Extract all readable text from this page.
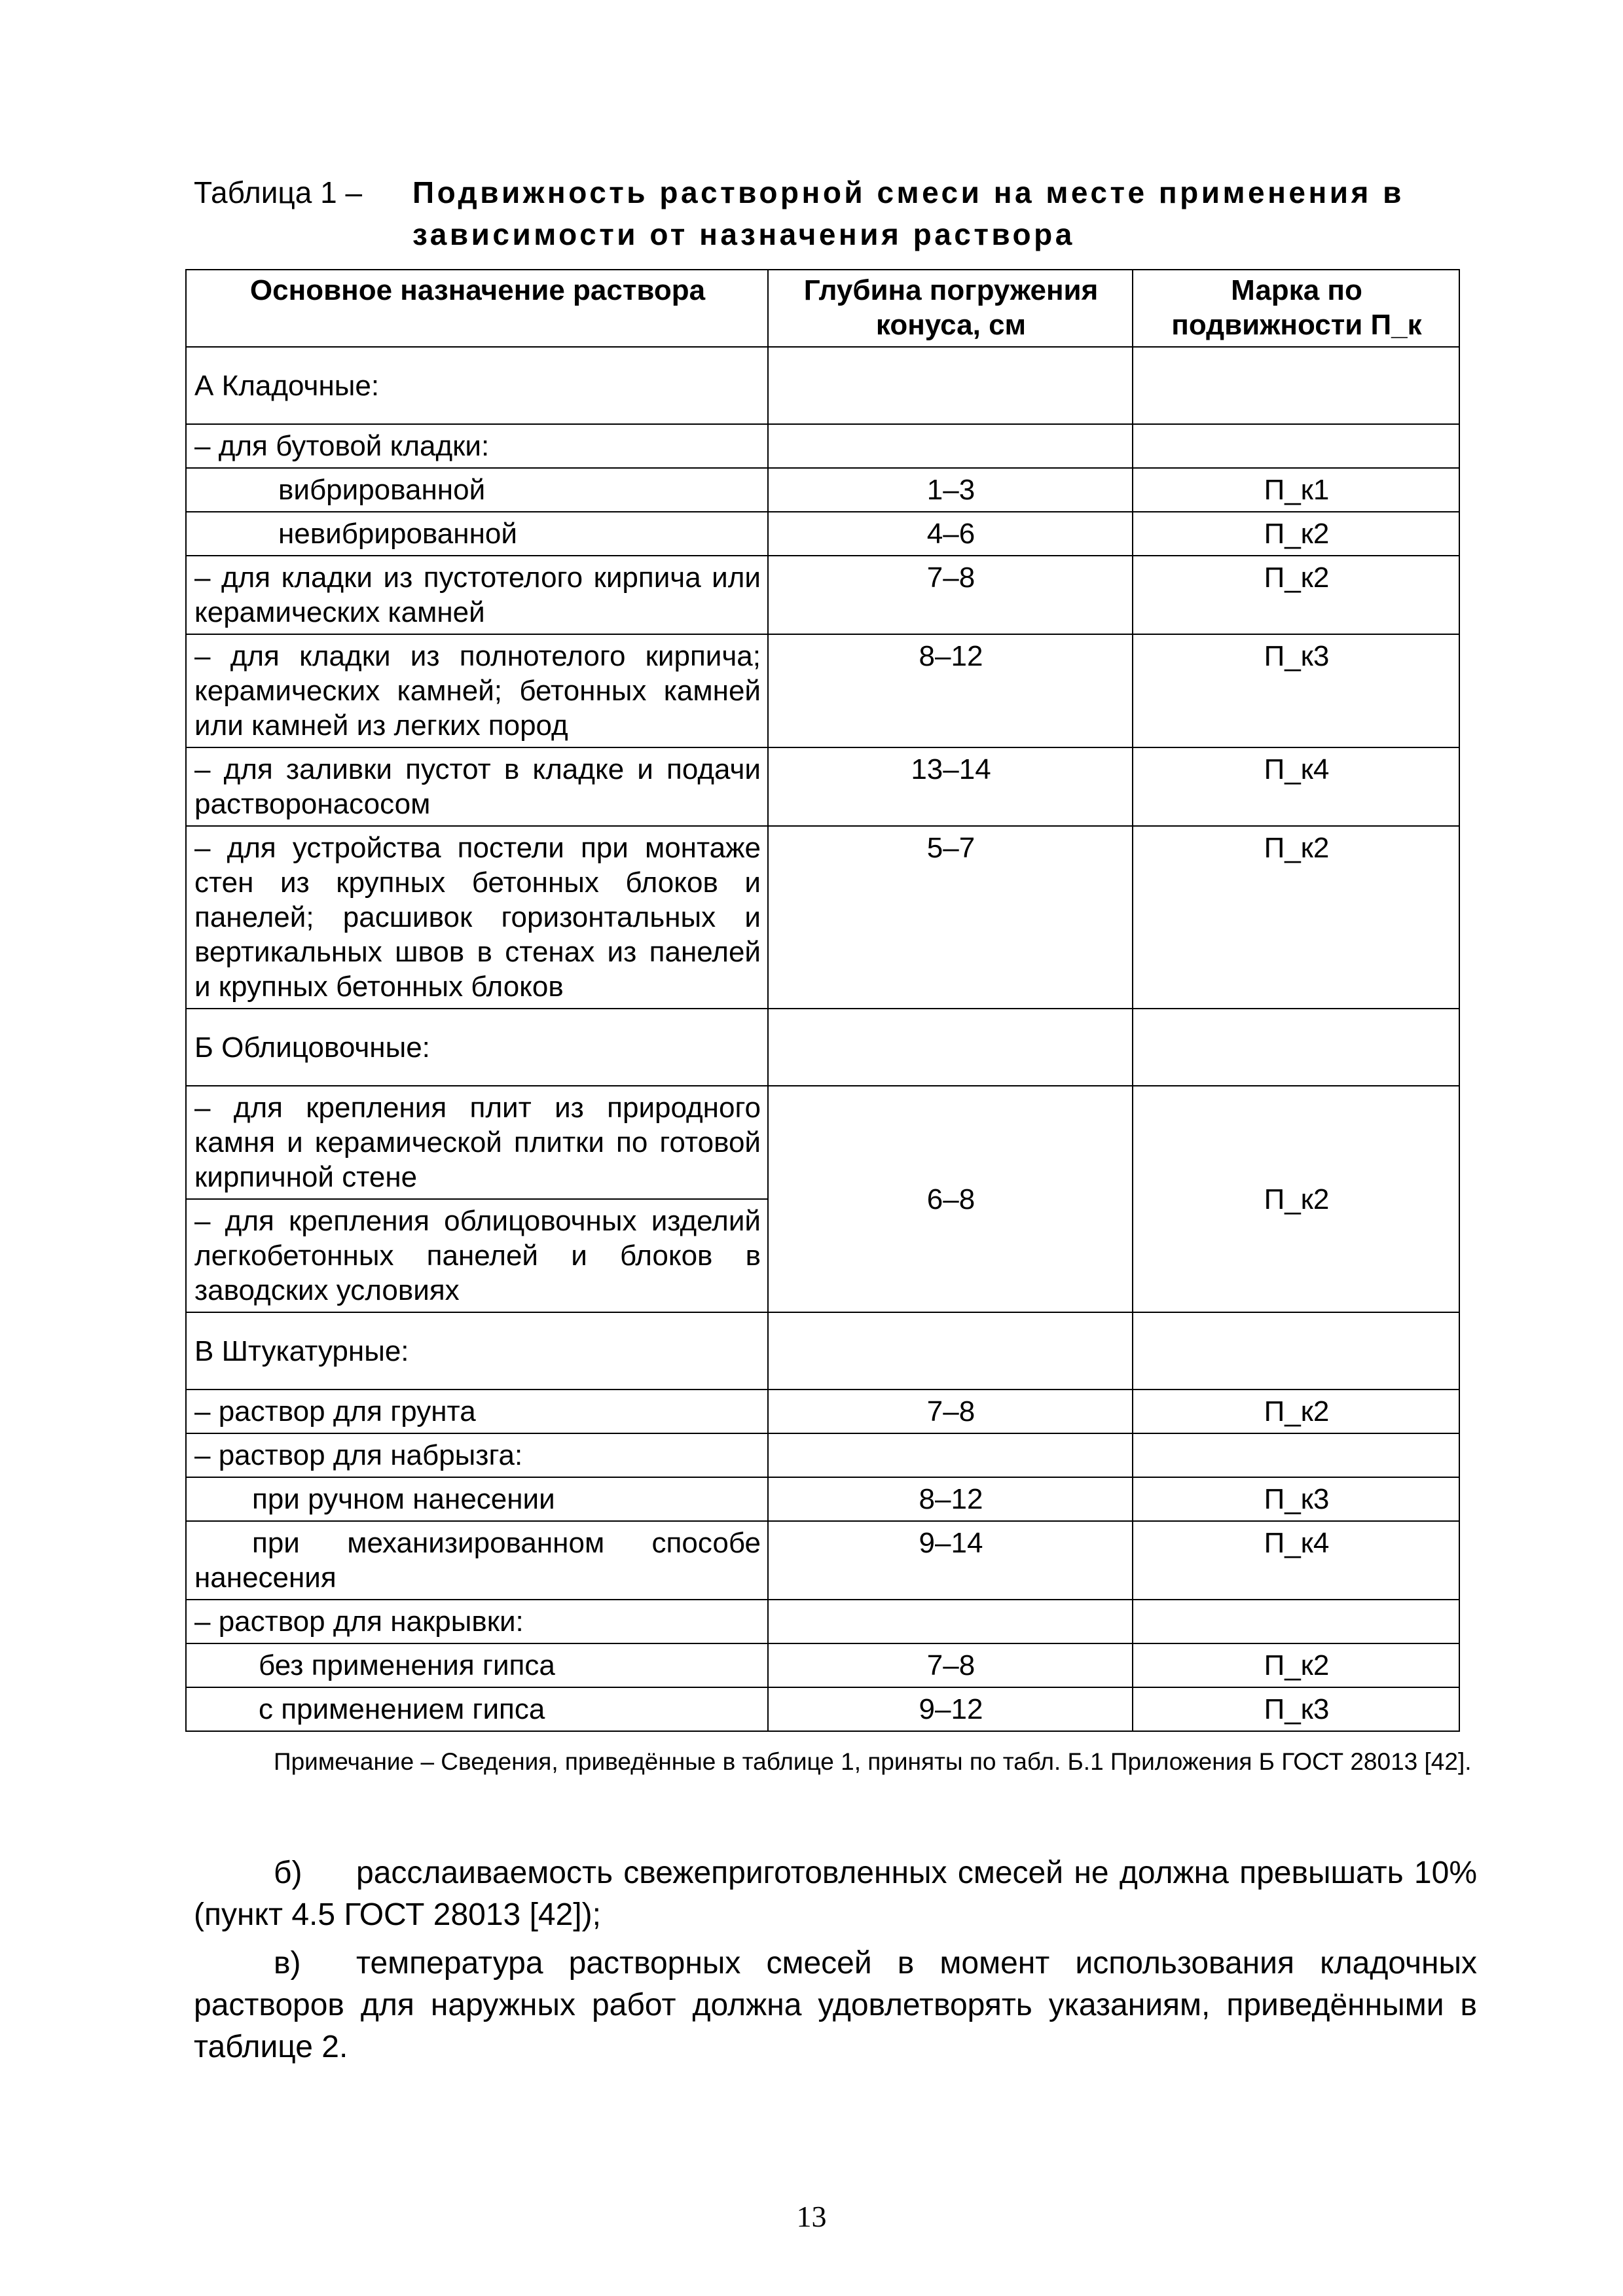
Таблица 1 – Подвижность растворной смеси на месте применения в зависимости от назначения раствора
Основное назначение раствора	Глубина погружения конуса, см	Марка по подвижности П_к
А Кладочные:		
– для бутовой кладки:		
вибрированной	1–3	П_к1
невибрированной	4–6	П_к2
– для кладки из пустотелого кирпича или керамических камней	7–8	П_к2
– для кладки из полнотелого кирпича; керамических камней; бетонных камней или камней из легких пород	8–12	П_к3
– для заливки пустот в кладке и подачи растворонасосом	13–14	П_к4
– для устройства постели при монтаже стен из крупных бетонных блоков и панелей; расшивок горизонтальных и вертикальных швов в стенах из панелей и крупных бетонных блоков	5–7	П_к2
Б Облицовочные:		
– для крепления плит из природного камня и керамической плитки по готовой кирпичной стене	6–8	П_к2
– для крепления облицовочных изделий легкобетонных панелей и блоков в заводских условиях		
В Штукатурные:		
– раствор для грунта	7–8	П_к2
– раствор для набрызга:		
при ручном нанесении	8–12	П_к3
при механизированном способе нанесения	9–14	П_к4
– раствор для накрывки:		
без применения гипса	7–8	П_к2
с применением гипса	9–12	П_к3
Примечание – Сведения, приведённые в таблице 1, приняты по табл. Б.1 Приложения Б ГОСТ 28013 [42].
б) расслаиваемость свежеприготовленных смесей не должна превышать 10% (пункт 4.5 ГОСТ 28013 [42]);
в) температура растворных смесей в момент использования кладочных растворов для наружных работ должна удовлетворять указаниям, приведёнными в таблице 2.
13
